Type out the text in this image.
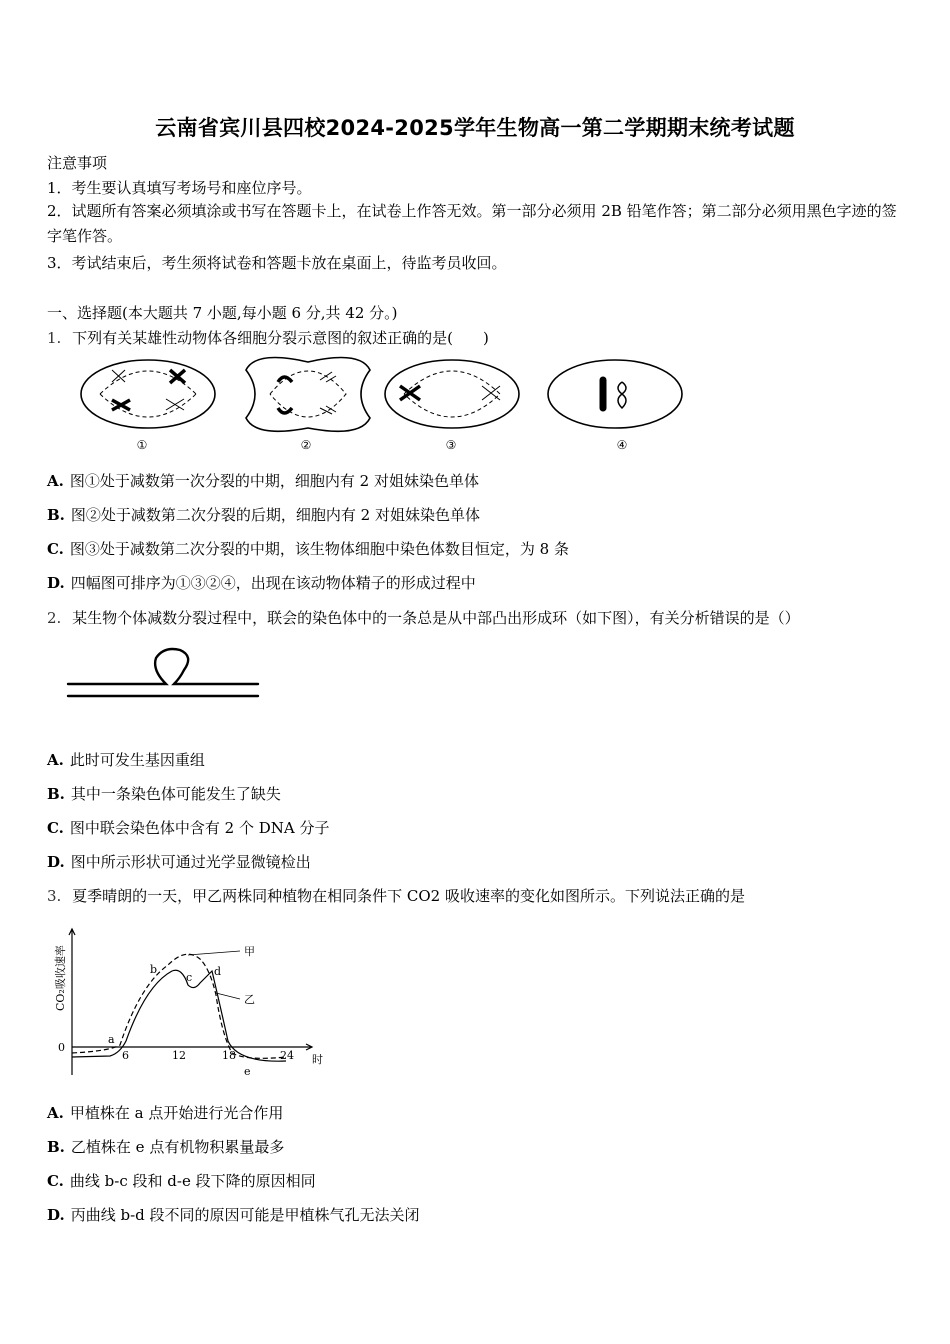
云南省宾川县四校2024-2025学年生物高一第二学期期末统考试题
注意事项
1．考生要认真填写考场号和座位序号。
2．试题所有答案必须填涂或书写在答题卡上，在试卷上作答无效。第一部分必须用 2B 铅笔作答；第二部分必须用黑色字迹的签字笔作答。
3．考试结束后，考生须将试卷和答题卡放在桌面上，待监考员收回。
一、选择题(本大题共 7 小题,每小题 6 分,共 42 分。)
1. 下列有关某雄性动物体各细胞分裂示意图的叙述正确的是(　　)
①	②	③	④
A. 图①处于减数第一次分裂的中期，细胞内有 2 对姐妹染色单体
B. 图②处于减数第二次分裂的后期，细胞内有 2 对姐妹染色单体
C. 图③处于减数第二次分裂的中期，该生物体细胞中染色体数目恒定，为 8 条
D. 四幅图可排序为①③②④，出现在该动物体精子的形成过程中
2. 某生物个体减数分裂过程中，联会的染色体中的一条总是从中部凸出形成环（如下图），有关分析错误的是（）
A. 此时可发生基因重组
B. 其中一条染色体可能发生了缺失
C. 图中联会染色体中含有 2 个 DNA 分子
D. 图中所示形状可通过光学显微镜检出
3. 夏季晴朗的一天，甲乙两株同种植物在相同条件下 CO2 吸收速率的变化如图所示。下列说法正确的是
CO₂吸收速率
0
6	12	18	24 时
甲
乙
a
b
c d
e
A. 甲植株在 a 点开始进行光合作用
B. 乙植株在 e 点有机物积累量最多
C. 曲线 b-c 段和 d-e 段下降的原因相同
D. 丙曲线 b-d 段不同的原因可能是甲植株气孔无法关闭
